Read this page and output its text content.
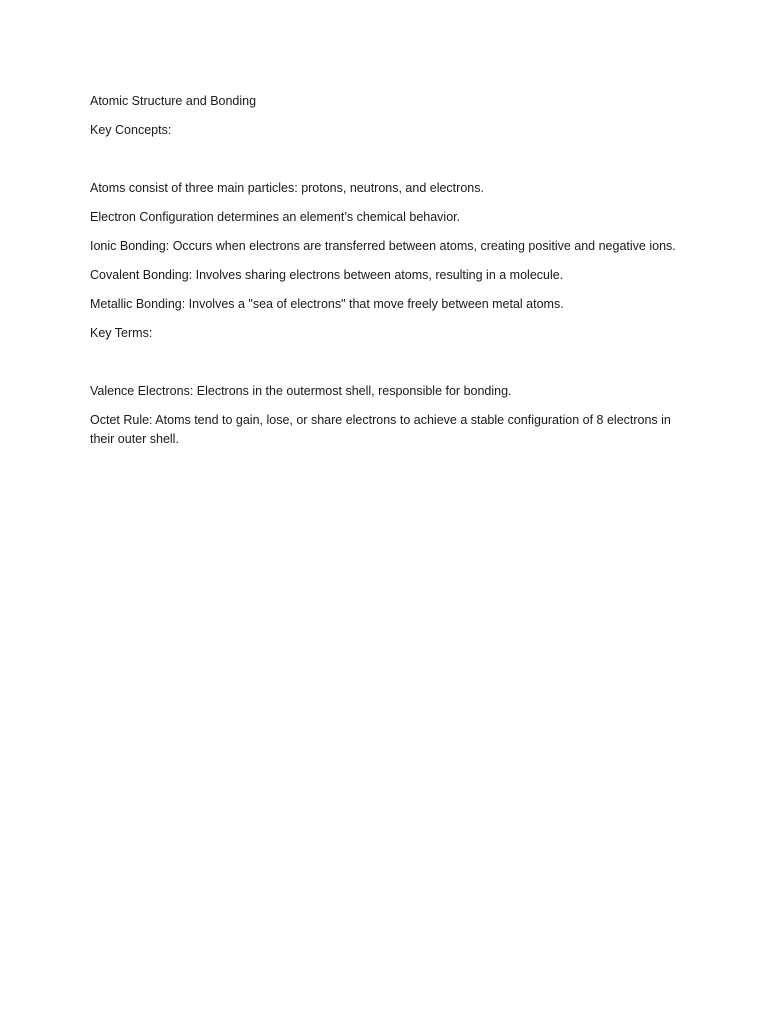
Atomic Structure and Bonding

Key Concepts:

Atoms consist of three main particles: protons, neutrons, and electrons.

Electron Configuration determines an element’s chemical behavior.

Ionic Bonding: Occurs when electrons are transferred between atoms, creating positive and negative ions.

Covalent Bonding: Involves sharing electrons between atoms, resulting in a molecule.

Metallic Bonding: Involves a "sea of electrons" that move freely between metal atoms.

Key Terms:

Valence Electrons: Electrons in the outermost shell, responsible for bonding.

Octet Rule: Atoms tend to gain, lose, or share electrons to achieve a stable configuration of 8 electrons in their outer shell.
